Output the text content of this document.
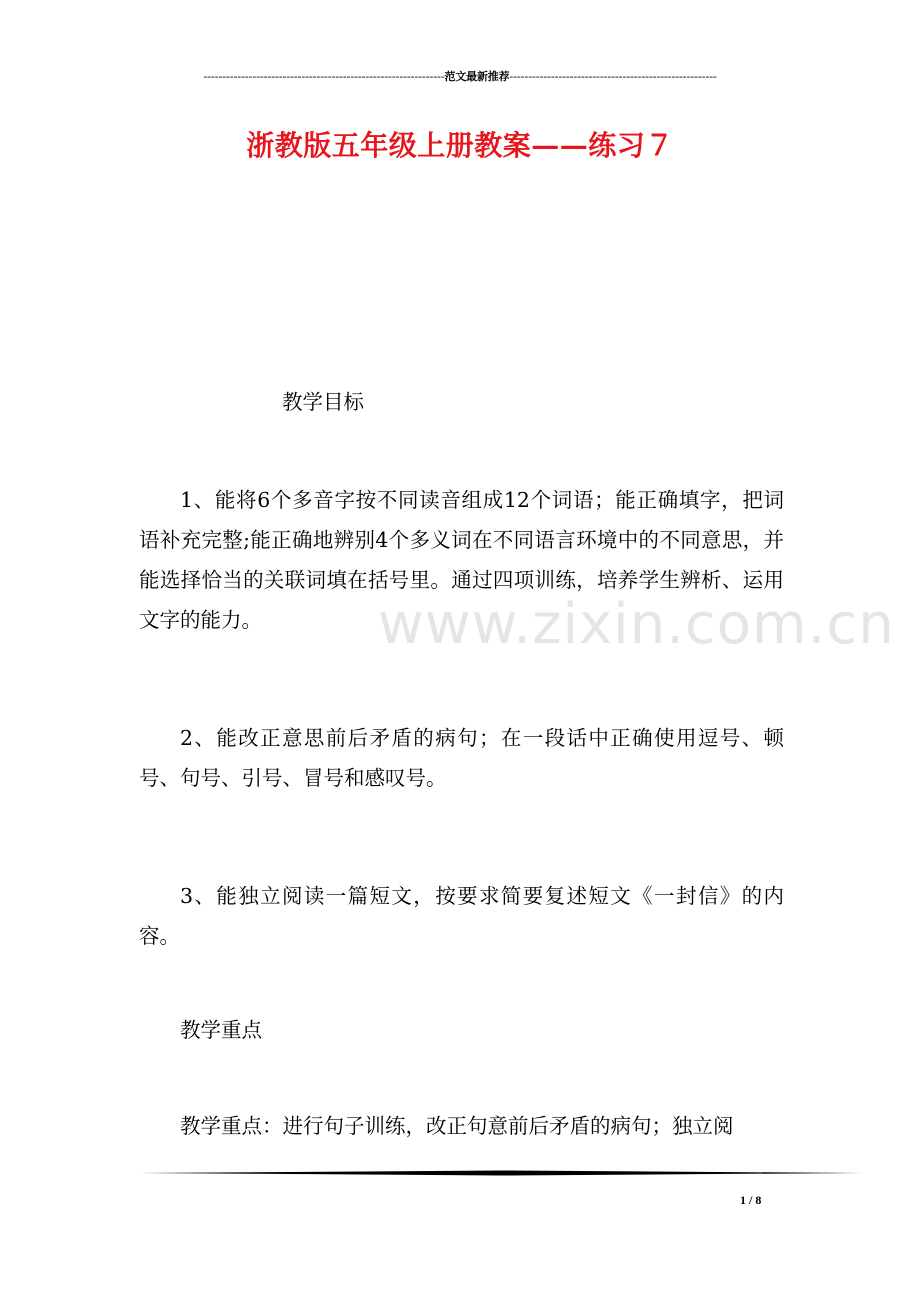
----------------------------------------------------------------范文最新推荐-------------------------------------------------------
浙教版五年级上册教案——练习７
www.zixin.com.cn

教学目标

1、能将6个多音字按不同读音组成12个词语；能正确填字，把词语补充完整;能正确地辨别4个多义词在不同语言环境中的不同意思，并能选择恰当的关联词填在括号里。通过四项训练，培养学生辨析、运用文字的能力。

2、能改正意思前后矛盾的病句；在一段话中正确使用逗号、顿号、句号、引号、冒号和感叹号。

3、能独立阅读一篇短文，按要求简要复述短文《一封信》的内容。

教学重点

教学重点：进行句子训练，改正句意前后矛盾的病句；独立阅

1 / 8
